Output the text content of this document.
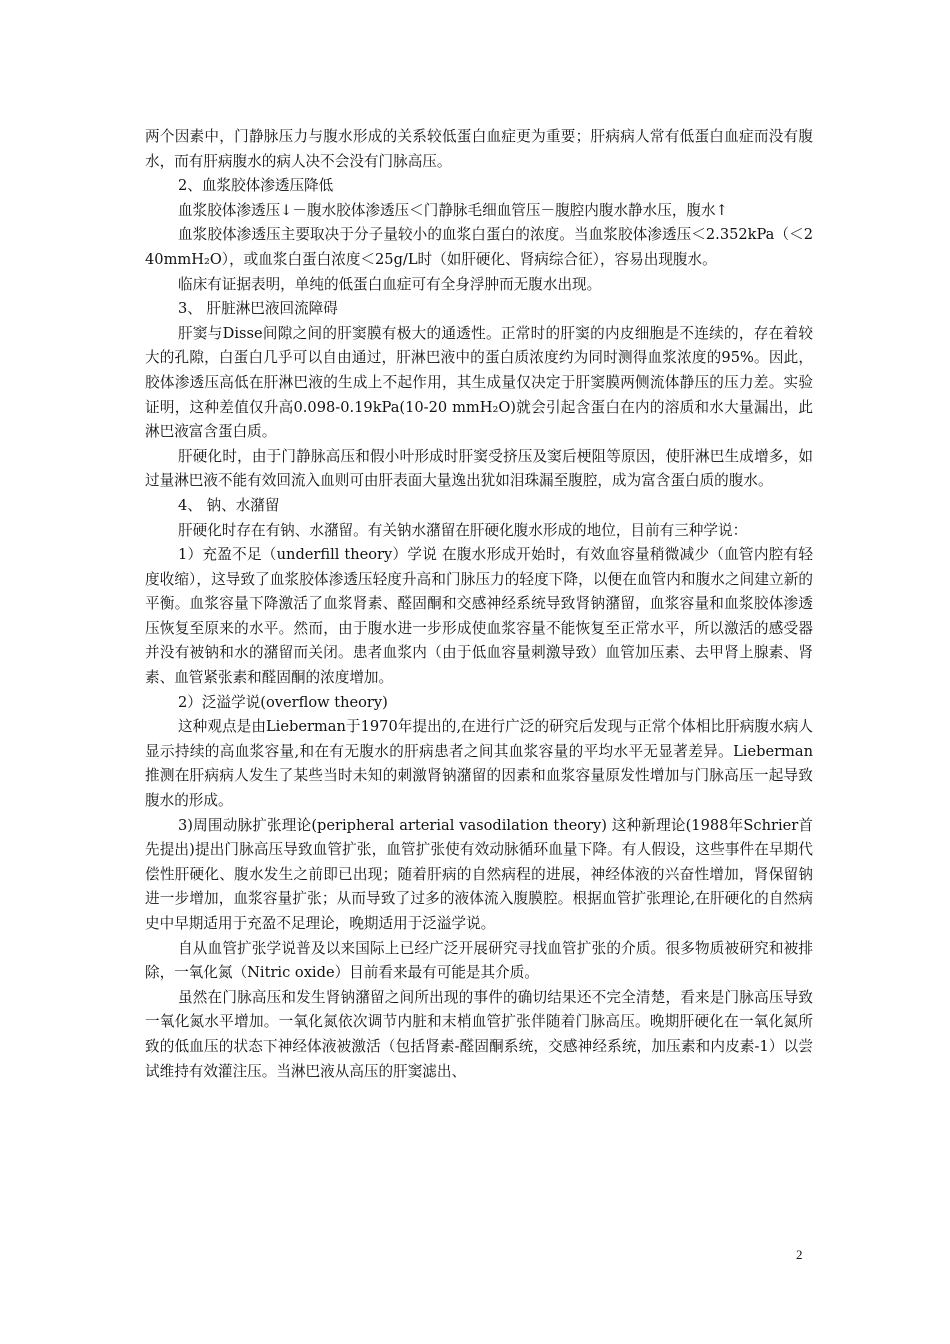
两个因素中，门静脉压力与腹水形成的关系较低蛋白血症更为重要；肝病病人常有低蛋白血症而没有腹水，而有肝病腹水的病人决不会没有门脉高压。

2、血浆胶体渗透压降低

血浆胶体渗透压↓－腹水胶体渗透压＜门静脉毛细血管压－腹腔内腹水静水压，腹水↑

血浆胶体渗透压主要取决于分子量较小的血浆白蛋白的浓度。当血浆胶体渗透压＜2.352kPa（＜240mmH₂O），或血浆白蛋白浓度＜25g/L时（如肝硬化、肾病综合征），容易出现腹水。

临床有证据表明，单纯的低蛋白血症可有全身浮肿而无腹水出现。

3、 肝脏淋巴液回流障碍

肝窦与Disse间隙之间的肝窦膜有极大的通透性。正常时的肝窦的内皮细胞是不连续的，存在着较大的孔隙，白蛋白几乎可以自由通过，肝淋巴液中的蛋白质浓度约为同时测得血浆浓度的95%。因此，胶体渗透压高低在肝淋巴液的生成上不起作用，其生成量仅决定于肝窦膜两侧流体静压的压力差。实验证明，这种差值仅升高0.098-0.19kPa(10-20 mmH₂O)就会引起含蛋白在内的溶质和水大量漏出，此淋巴液富含蛋白质。

肝硬化时，由于门静脉高压和假小叶形成时肝窦受挤压及窦后梗阻等原因，使肝淋巴生成增多，如过量淋巴液不能有效回流入血则可由肝表面大量逸出犹如泪珠漏至腹腔，成为富含蛋白质的腹水。

4、 钠、水潴留

肝硬化时存在有钠、水潴留。有关钠水潴留在肝硬化腹水形成的地位，目前有三种学说：

1）充盈不足（underfill theory）学说 在腹水形成开始时，有效血容量稍微减少（血管内腔有轻度收缩），这导致了血浆胶体渗透压轻度升高和门脉压力的轻度下降，以便在血管内和腹水之间建立新的平衡。血浆容量下降激活了血浆肾素、醛固酮和交感神经系统导致肾钠潴留，血浆容量和血浆胶体渗透压恢复至原来的水平。然而，由于腹水进一步形成使血浆容量不能恢复至正常水平，所以激活的感受器并没有被钠和水的潴留而关闭。患者血浆内（由于低血容量刺激导致）血管加压素、去甲肾上腺素、肾素、血管紧张素和醛固酮的浓度增加。

2）泛溢学说(overflow theory)

这种观点是由Lieberman于1970年提出的,在进行广泛的研究后发现与正常个体相比肝病腹水病人显示持续的高血浆容量,和在有无腹水的肝病患者之间其血浆容量的平均水平无显著差异。Lieberman推测在肝病病人发生了某些当时未知的刺激肾钠潴留的因素和血浆容量原发性增加与门脉高压一起导致腹水的形成。

3)周围动脉扩张理论(peripheral arterial vasodilation theory) 这种新理论(1988年Schrier首先提出)提出门脉高压导致血管扩张，血管扩张使有效动脉循环血量下降。有人假设，这些事件在早期代偿性肝硬化、腹水发生之前即已出现；随着肝病的自然病程的进展，神经体液的兴奋性增加，肾保留钠进一步增加，血浆容量扩张；从而导致了过多的液体流入腹膜腔。根据血管扩张理论,在肝硬化的自然病史中早期适用于充盈不足理论，晚期适用于泛溢学说。

自从血管扩张学说普及以来国际上已经广泛开展研究寻找血管扩张的介质。很多物质被研究和被排除，一氧化氮（Nitric oxide）目前看来最有可能是其介质。

虽然在门脉高压和发生肾钠潴留之间所出现的事件的确切结果还不完全清楚，看来是门脉高压导致一氧化氮水平增加。一氧化氮依次调节内脏和末梢血管扩张伴随着门脉高压。晚期肝硬化在一氧化氮所致的低血压的状态下神经体液被激活（包括肾素-醛固酮系统，交感神经系统，加压素和内皮素-1）以尝试维持有效灌注压。当淋巴液从高压的肝窦滤出、

2
